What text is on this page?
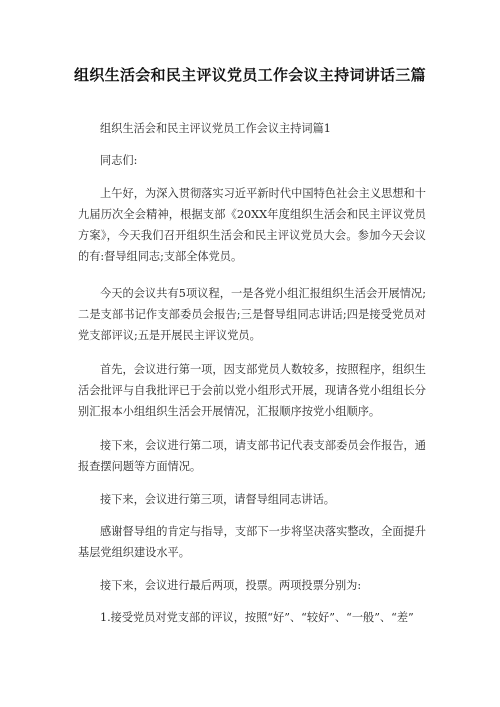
组织生活会和民主评议党员工作会议主持词讲话三篇

组织生活会和民主评议党员工作会议主持词篇1

同志们:

上午好，为深入贯彻落实习近平新时代中国特色社会主义思想和十九届历次全会精神，根据支部《20XX年度组织生活会和民主评议党员方案》，今天我们召开组织生活会和民主评议党员大会。参加今天会议的有:督导组同志;支部全体党员。

今天的会议共有5项议程，一是各党小组汇报组织生活会开展情况;二是支部书记作支部委员会报告;三是督导组同志讲话;四是接受党员对党支部评议;五是开展民主评议党员。

首先，会议进行第一项，因支部党员人数较多，按照程序，组织生活会批评与自我批评已于会前以党小组形式开展，现请各党小组组长分别汇报本小组组织生活会开展情况，汇报顺序按党小组顺序。

接下来，会议进行第二项，请支部书记代表支部委员会作报告，通报查摆问题等方面情况。

接下来，会议进行第三项，请督导组同志讲话。

感谢督导组的肯定与指导，支部下一步将坚决落实整改，全面提升基层党组织建设水平。

接下来，会议进行最后两项，投票。两项投票分别为:

1.接受党员对党支部的评议，按照“好”、“较好”、“一般”、“差”
